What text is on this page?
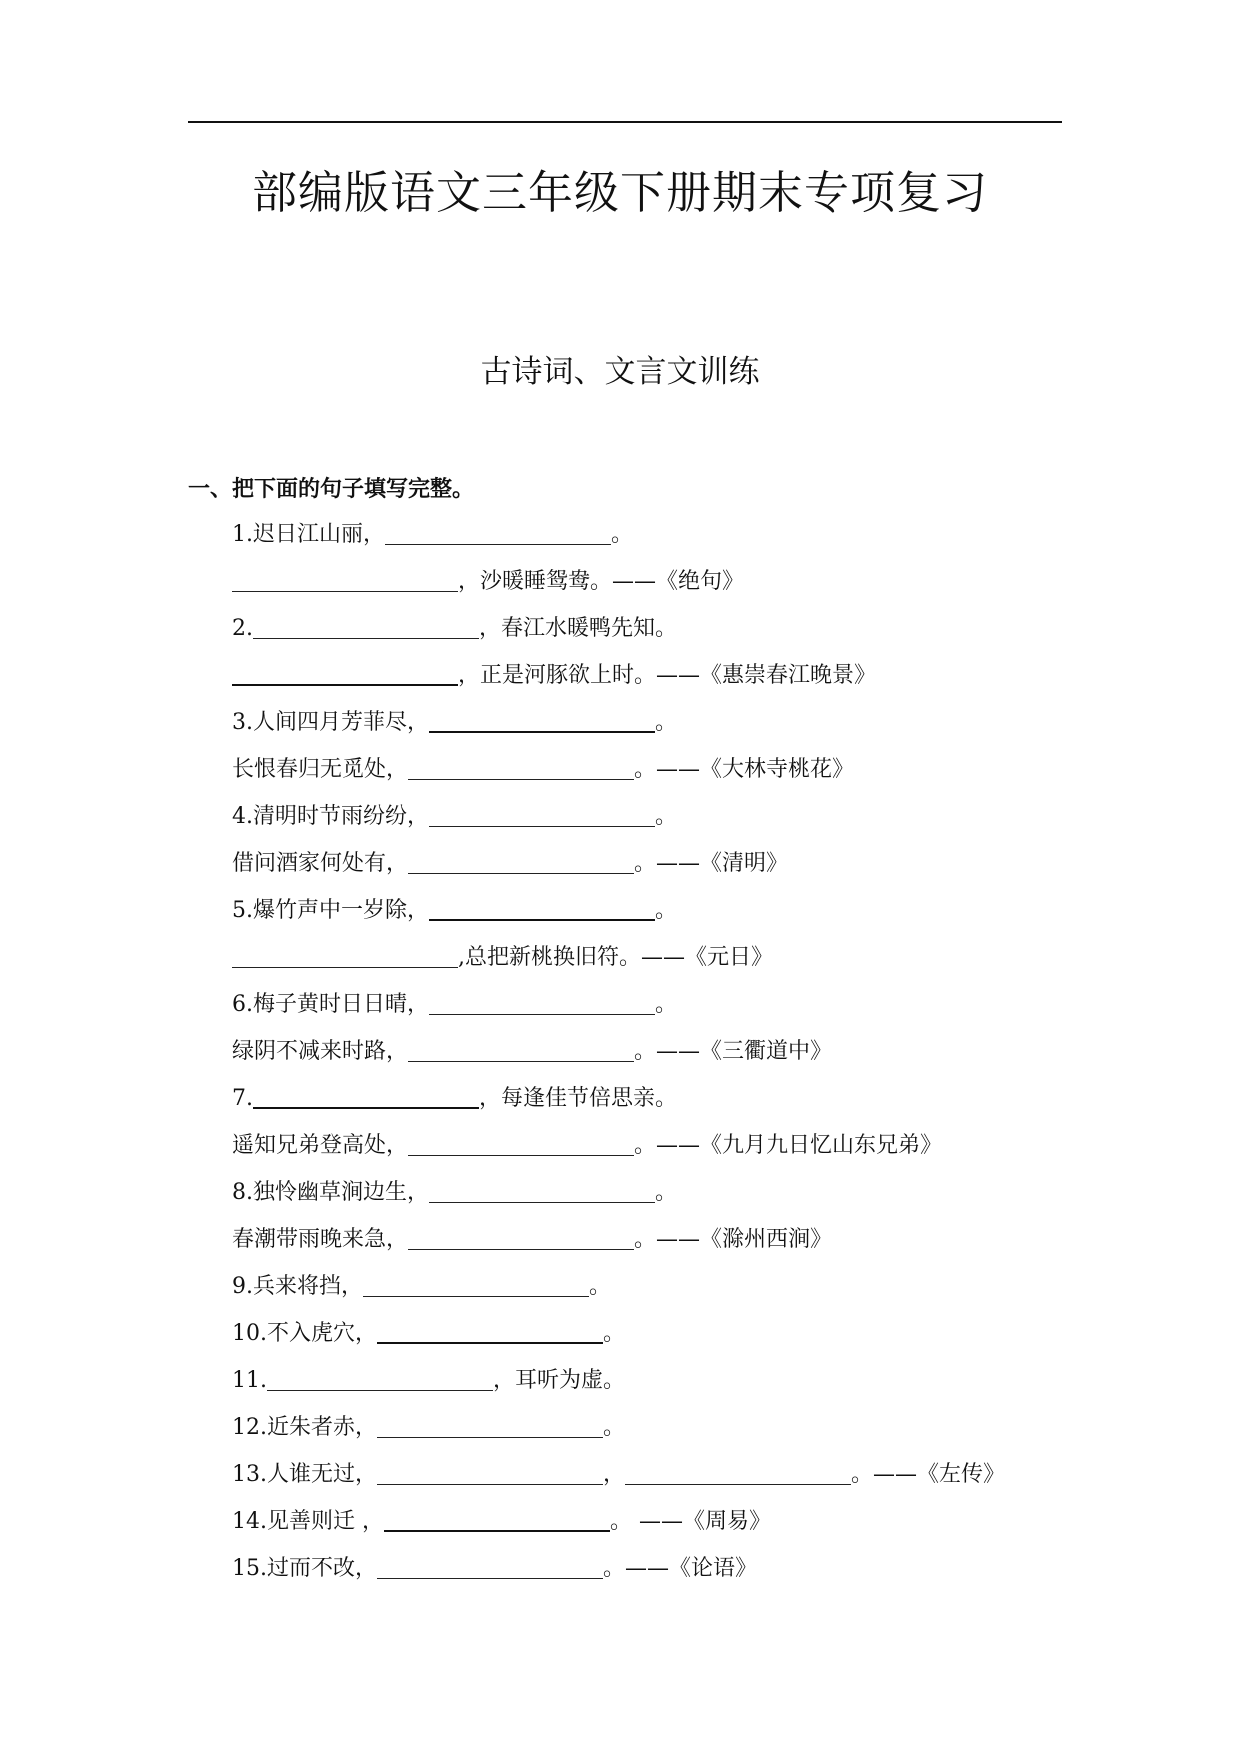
部编版语文三年级下册期末专项复习
古诗词、文言文训练
一、把下面的句子填写完整。
1.迟日江山丽，	。
，沙暖睡鸳鸯。——《绝句》
2.	，春江水暖鸭先知。
，正是河豚欲上时。——《惠崇春江晚景》
3.人间四月芳菲尽，	。
长恨春归无觅处，	。——《大林寺桃花》
4.清明时节雨纷纷，	。
借问酒家何处有，	。——《清明》
5.爆竹声中一岁除，	。
,总把新桃换旧符。——《元日》
6.梅子黄时日日晴，	。
绿阴不减来时路，	。——《三衢道中》
7.	，每逢佳节倍思亲。
遥知兄弟登高处，	。——《九月九日忆山东兄弟》
8.独怜幽草涧边生，	。
春潮带雨晚来急，	。——《滁州西涧》
9.兵来将挡，	。
10.不入虎穴，	。
11.	，耳听为虚。
12.近朱者赤，	。
13.人谁无过，	，	。——《左传》
14.见善则迁 ，	。 ——《周易》
15.过而不改，	。——《论语》
